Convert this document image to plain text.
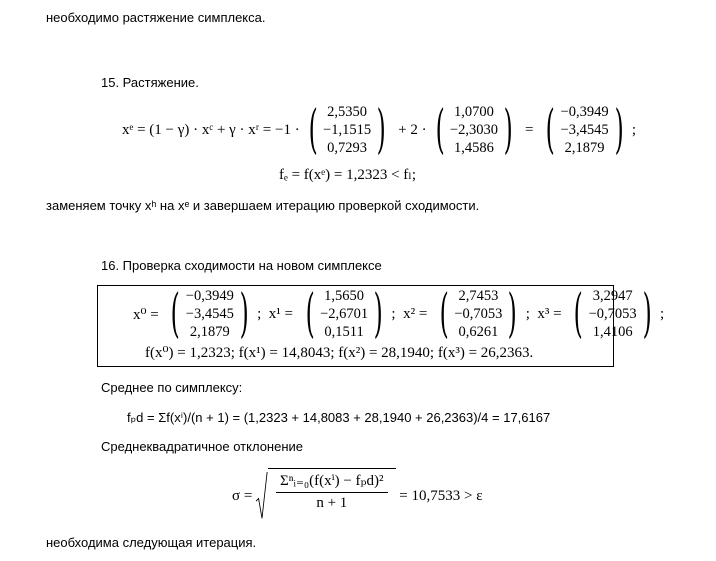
необходимо растяжение симплекса.
15. Растяжение.
xᵉ = (1 − γ) · xᶜ + γ · xʳ = −1 · ( 2,5350
−1,1515
0,7293 ) + 2 · ( 1,0700
−2,3030
1,4586 ) = ( −0,3949
−3,4545
2,1879 ) ;
fₑ = f(xᵉ) = 1,2323 < fₗ;
заменяем точку xʰ на xᵉ и завершаем итерацию проверкой сходимости.
16. Проверка сходимости на новом симплексе
x⁰ = ( −0,3949
−3,4545
2,1879 ) ;  x¹ = ( 1,5650
−2,6701
0,1511 ) ;  x² = ( 2,7453
−0,7053
0,6261 ) ;  x³ = ( 3,2947
−0,7053
1,4106 ) ;
f(x⁰) = 1,2323; f(x¹) = 14,8043; f(x²) = 28,1940; f(x³) = 26,2363.
Среднее по симплексу:
fₚd = Σf(xⁱ)/(n + 1) = (1,2323 + 14,8083 + 28,1940 + 26,2363)/4 = 17,6167
Среднеквадратичное отклонение
$\sigma = \frac{\text{Σⁿᵢ₌₀(f(xⁱ) − fₚd)²}}{n + 1} = 10,7533 > \varepsilon$
необходима следующая итерация.
